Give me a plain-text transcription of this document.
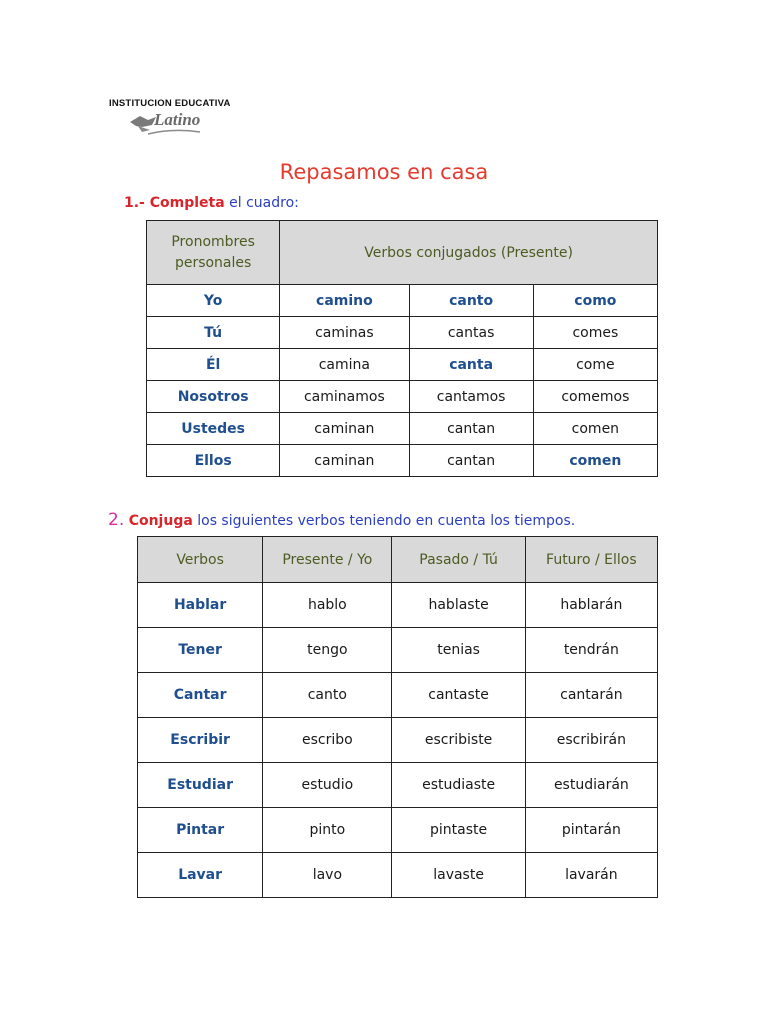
INSTITUCION EDUCATIVA
Latino
Repasamos en casa
1.- Completa el cuadro:
Pronombres personales	Verbos conjugados (Presente)		
Yo	camino	canto	como
Tú	caminas	cantas	comes
Él	camina	canta	come
Nosotros	caminamos	cantamos	comemos
Ustedes	caminan	cantan	comen
Ellos	caminan	cantan	comen
2. Conjuga los siguientes verbos teniendo en cuenta los tiempos.
Verbos	Presente / Yo	Pasado / Tú	Futuro / Ellos
Hablar	hablo	hablaste	hablarán
Tener	tengo	tenias	tendrán
Cantar	canto	cantaste	cantarán
Escribir	escribo	escribiste	escribirán
Estudiar	estudio	estudiaste	estudiarán
Pintar	pinto	pintaste	pintarán
Lavar	lavo	lavaste	lavarán
